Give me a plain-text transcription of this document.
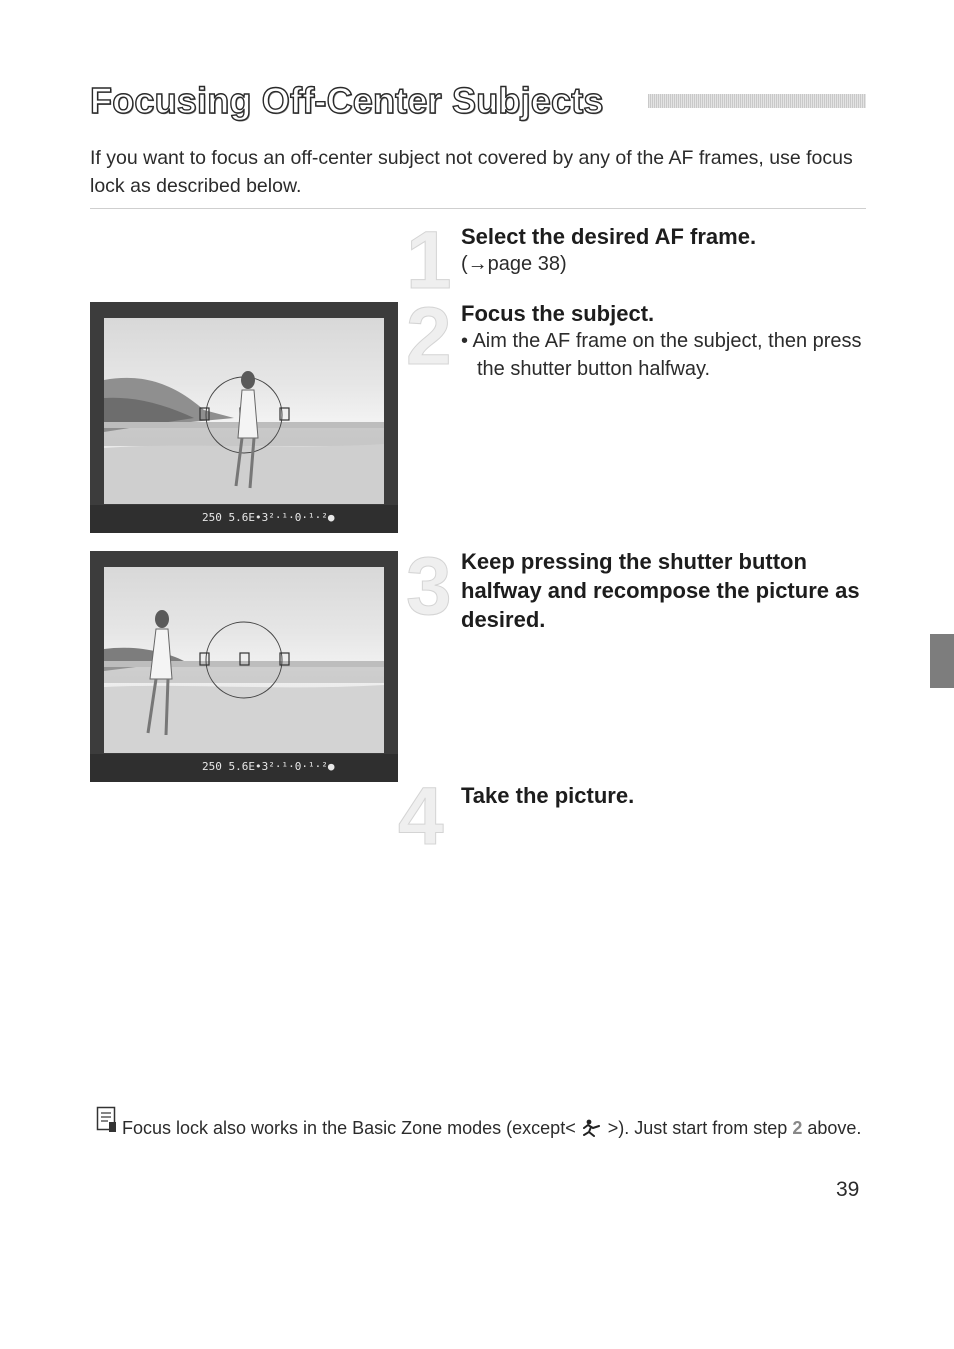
Focusing Off-Center Subjects

If you want to focus an off-center subject not covered by any of the AF frames, use focus lock as described below.

1 Select the desired AF frame.

(→page 38)

250 5.6E•3²·¹·0·¹·²●
2 Focus the subject.

• Aim the AF frame on the subject, then press the shutter button halfway.

250 5.6E•3²·¹·0·¹·²●
3 Keep pressing the shutter button halfway and recompose the picture as desired.

4 Take the picture.

Focus lock also works in the Basic Zone modes (except< >). Just start from step 2 above.

39
